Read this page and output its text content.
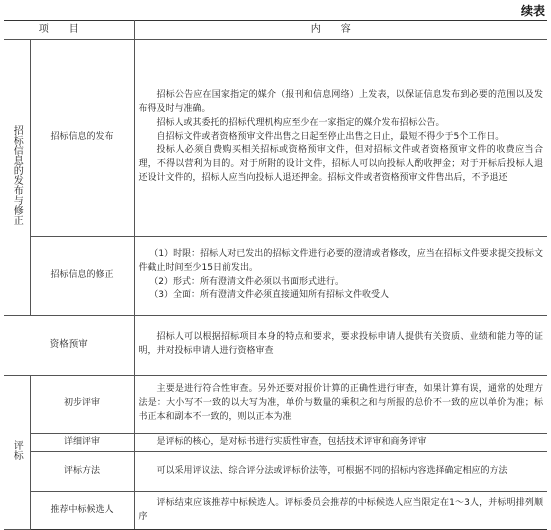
续表
项目		内容
招标信息的发布与修正	招标信息的发布	招标公告应在国家指定的媒介（报刊和信息网络）上发表，以保证信息发布到必要的范围以及发布得及时与准确。

招标人或其委托的招标代理机构应至少在一家指定的媒介发布招标公告。

自招标文件或者资格预审文件出售之日起至停止出售之日止，最短不得少于5个工作日。

投标人必须自费购买相关招标或资格预审文件，但对招标文件或者资格预审文件的收费应当合理，不得以营利为目的。对于所附的设计文件，招标人可以向投标人酌收押金；对于开标后投标人退还设计文件的，招标人应当向投标人退还押金。招标文件或者资格预审文件售出后，不予退还

	招标信息的修正	（1）时限：招标人对已发出的招标文件进行必要的澄清或者修改，应当在招标文件要求提交投标文件截止时间至少15日前发出。

（2）形式：所有澄清文件必须以书面形式进行。

（3）全面：所有澄清文件必须直接通知所有招标文件收受人

资格预审		招标人可以根据招标项目本身的特点和要求，要求投标申请人提供有关资质、业绩和能力等的证明，并对投标申请人进行资格审查

评标	初步评审	主要是进行符合性审查。另外还要对报价计算的正确性进行审查，如果计算有误，通常的处理方法是：大小写不一致的以大写为准，单价与数量的乘积之和与所报的总价不一致的应以单价为准；标书正本和副本不一致的，则以正本为准

	详细评审	是评标的核心，是对标书进行实质性审查，包括技术评审和商务评审

	评标方法	可以采用评议法、综合评分法或评标价法等，可根据不同的招标内容选择确定相应的方法

	推荐中标候选人	评标结束应该推荐中标候选人。评标委员会推荐的中标候选人应当限定在1～3人，并标明排列顺序
